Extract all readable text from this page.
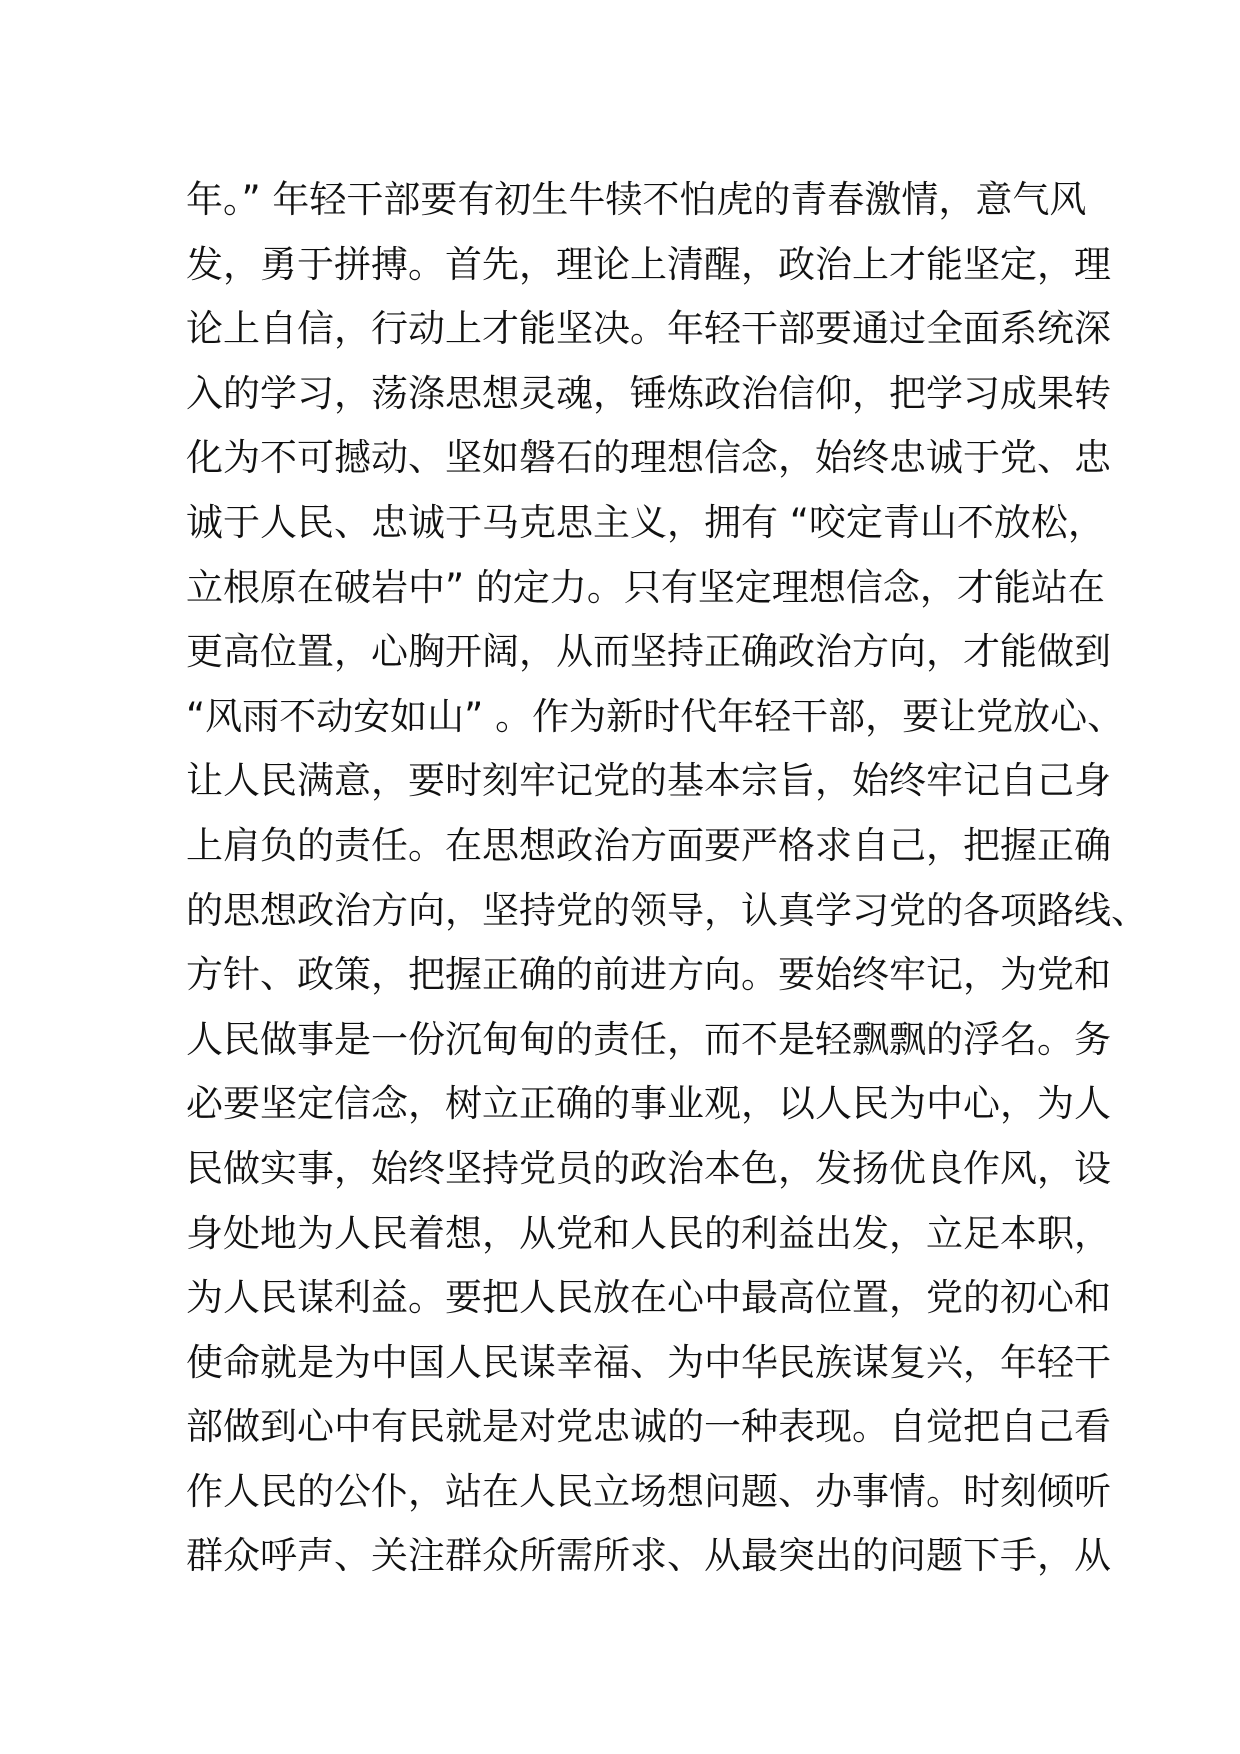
年。” 年轻干部要有初生牛犊不怕虎的青春激情，意气风
发，勇于拼搏。首先，理论上清醒，政治上才能坚定，理
论上自信，行动上才能坚决。年轻干部要通过全面系统深
入的学习，荡涤思想灵魂，锤炼政治信仰，把学习成果转
化为不可撼动、坚如磐石的理想信念，始终忠诚于党、忠
诚于人民、忠诚于马克思主义，拥有 “咬定青山不放松，
立根原在破岩中” 的定力。只有坚定理想信念，才能站在
更高位置，心胸开阔，从而坚持正确政治方向，才能做到
“风雨不动安如山” 。作为新时代年轻干部，要让党放心、
让人民满意，要时刻牢记党的基本宗旨，始终牢记自己身
上肩负的责任。在思想政治方面要严格求自己，把握正确
的思想政治方向，坚持党的领导，认真学习党的各项路线、
方针、政策，把握正确的前进方向。要始终牢记，为党和
人民做事是一份沉甸甸的责任，而不是轻飘飘的浮名。务
必要坚定信念，树立正确的事业观，以人民为中心，为人
民做实事，始终坚持党员的政治本色，发扬优良作风，设
身处地为人民着想，从党和人民的利益出发，立足本职，
为人民谋利益。要把人民放在心中最高位置，党的初心和
使命就是为中国人民谋幸福、为中华民族谋复兴，年轻干
部做到心中有民就是对党忠诚的一种表现。自觉把自己看
作人民的公仆，站在人民立场想问题、办事情。时刻倾听
群众呼声、关注群众所需所求、从最突出的问题下手，从
